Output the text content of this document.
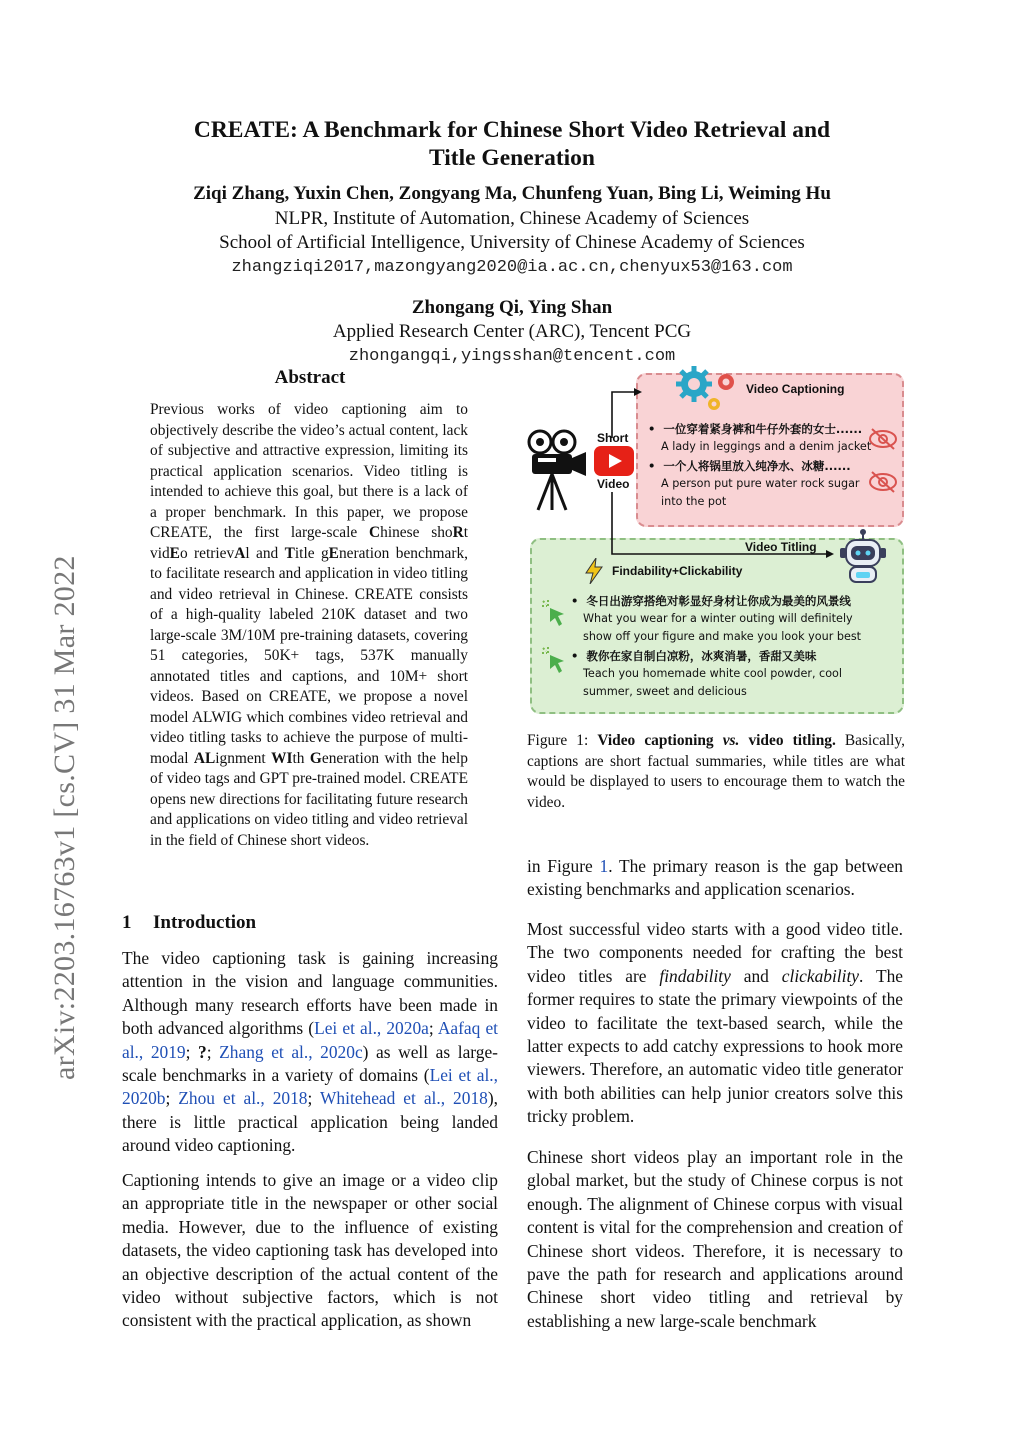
CREATE: A Benchmark for Chinese Short Video Retrieval and
Title Generation
Ziqi Zhang, Yuxin Chen, Zongyang Ma, Chunfeng Yuan, Bing Li, Weiming Hu
NLPR, Institute of Automation, Chinese Academy of Sciences
School of Artificial Intelligence, University of Chinese Academy of Sciences
zhangziqi2017,mazongyang2020@ia.ac.cn,chenyux53@163.com
Zhongang Qi, Ying Shan
Applied Research Center (ARC), Tencent PCG
zhongangqi,yingsshan@tencent.com
arXiv:2203.16763v1 [cs.CV] 31 Mar 2022
Abstract
Previous works of video captioning aim to objectively describe the video’s actual content, lack of subjective and attractive expression, limiting its practical application scenarios. Video titling is intended to achieve this goal, but there is a lack of a proper benchmark. In this paper, we propose CREATE, the first large-scale Chinese shoRt vidEo retrievAl and Title gEneration benchmark, to facilitate research and application in video titling and video retrieval in Chinese. CREATE consists of a high-quality labeled 210K dataset and two large-scale 3M/10M pre-training datasets, covering 51 categories, 50K+ tags, 537K manually annotated titles and captions, and 10M+ short videos. Based on CREATE, we propose a novel model ALWIG which combines video retrieval and video titling tasks to achieve the purpose of multi-modal ALignment WIth Generation with the help of video tags and GPT pre-trained model. CREATE opens new directions for facilitating future research and applications on video titling and video retrieval in the field of Chinese short videos.
Short
Video
Video Captioning
•  一位穿着紧身裤和牛仔外套的女士......
A lady in leggings and a denim jacket
•  一个人将锅里放入纯净水、冰糖......
A person put pure water rock sugar
into the pot
Video Titling
Findability+Clickability
•  冬日出游穿搭绝对彰显好身材让你成为最美的风景线
What you wear for a winter outing will definitely
show off your figure and make you look your best
•  教你在家自制白凉粉，冰爽消暑，香甜又美味
Teach you homemade white cool powder, cool
summer, sweet and delicious
Figure 1: Video captioning vs. video titling. Basically, captions are short factual summaries, while titles are what would be displayed to users to encourage them to watch the video.
1 Introduction
The video captioning task is gaining increasing attention in the vision and language communities. Although many research efforts have been made in both advanced algorithms (Lei et al., 2020a; Aafaq et al., 2019; ?; Zhang et al., 2020c) as well as large-scale benchmarks in a variety of domains (Lei et al., 2020b; Zhou et al., 2018; Whitehead et al., 2018), there is little practical application being landed around video captioning.
Captioning intends to give an image or a video clip an appropriate title in the newspaper or other social media. However, due to the influence of existing datasets, the video captioning task has developed into an objective description of the actual content of the video without subjective factors, which is not consistent with the practical application, as shown
in Figure 1. The primary reason is the gap between existing benchmarks and application scenarios.
Most successful video starts with a good video title. The two components needed for crafting the best video titles are findability and clickability. The former requires to state the primary viewpoints of the video to facilitate the text-based search, while the latter expects to add catchy expressions to hook more viewers. Therefore, an automatic video title generator with both abilities can help junior creators solve this tricky problem.
Chinese short videos play an important role in the global market, but the study of Chinese corpus is not enough. The alignment of Chinese corpus with visual content is vital for the comprehension and creation of Chinese short videos. Therefore, it is necessary to pave the path for research and applications around Chinese short video titling and retrieval by establishing a new large-scale benchmark
